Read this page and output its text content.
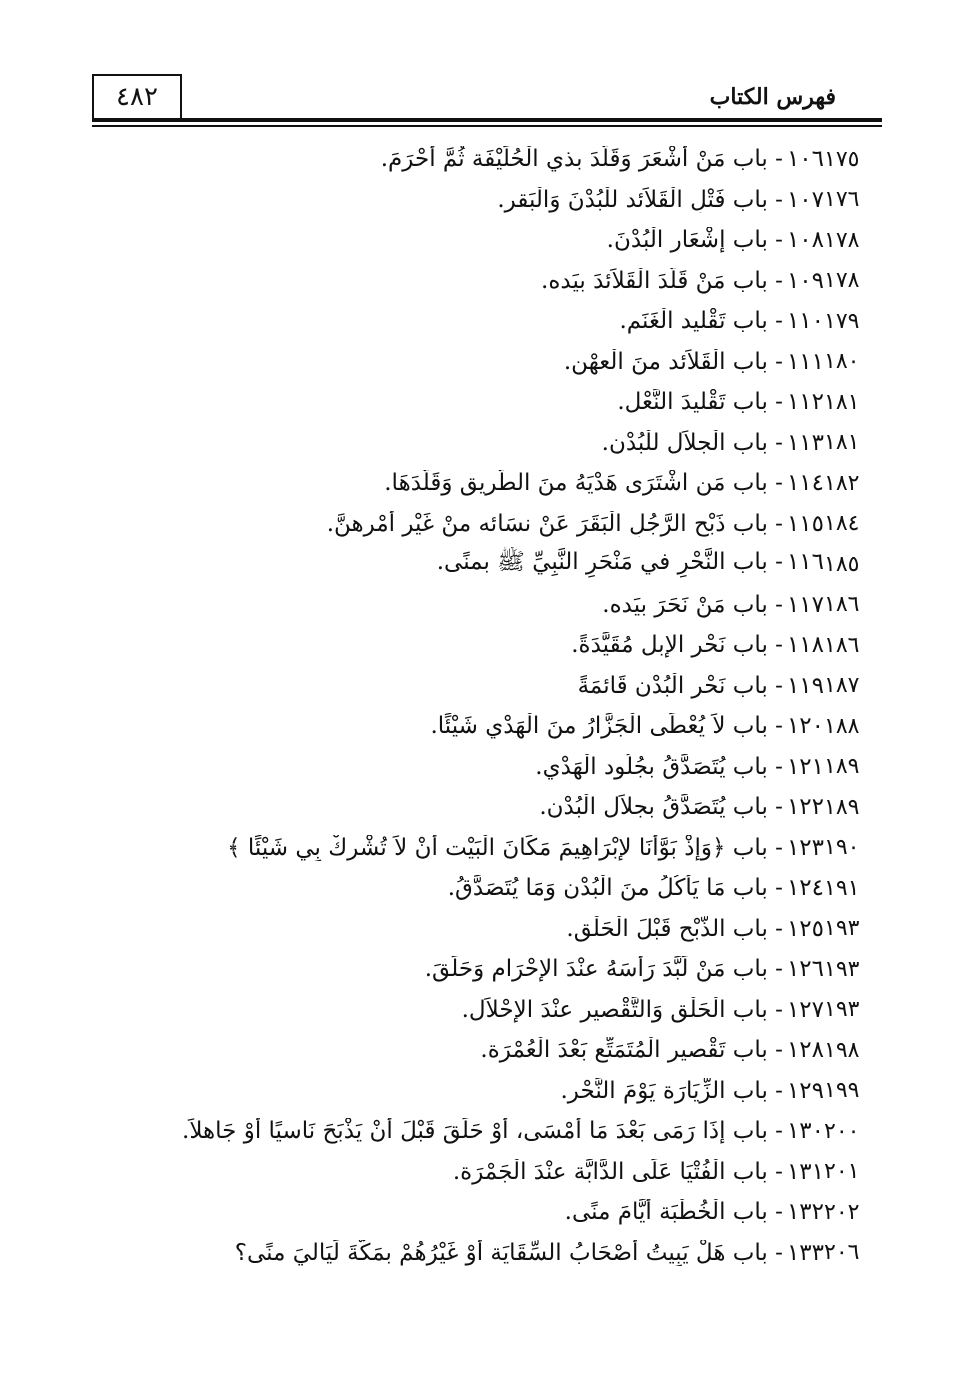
٤٨٢	فهرس الكتاب
١٠٦- باب مَنْ أَشْعَرَ وَقَلَّدَ بذي الْحُلَيْفَة ثُمَّ أَحْرَمَ.	١٧٥
١٠٧- باب فَتْلِ الْقَلاَئد للْبُدْنَ وَالْبَقر.	١٧٦
١٠٨- باب إشْعَار الْبُدْنَ.	١٧٨
١٠٩- باب مَنْ قَلَّدَ الْقَلاَئدَ بيَده.	١٧٨
١١٠- باب تَقْليد الْغَنَم.	١٧٩
١١١- باب الْقَلاَئد منَ الْعهْن.	١٨٠
١١٢- باب تَقْليدَ النَّعْل.	١٨١
١١٣- باب الْجلاَل للْبُدْن.	١٨١
١١٤- باب مَنِ اشْتَرَى هَدْيَهُ منَ الطَّريق وَقَلَّدَهَا.	١٨٢
١١٥- باب ذَبْح الرَّجُلِ الْبَقَرَ عَنْ نسَائه منْ غَيْر أَمْرِهنَّ.	١٨٤
١١٦- باب النَّحْرِ في مَنْحَرِ النَّبِيِّ ﷺ بمنًى.	١٨٥
١١٧- باب مَنْ نَحَرَ بيَده.	١٨٦
١١٨- باب نَحْرِ الإبل مُقَيَّدَةً.	١٨٦
١١٩- باب نَحْرِ الْبُدْن قَائمَةً	١٨٧
١٢٠- باب لاَ يُعْطَى الْجَزَّارُ منَ الْهَدْي شَيْئًا.	١٨٨
١٢١- باب يُتَصَدَّقُ بجُلُود الْهَدْي.	١٨٩
١٢٢- باب يُتَصَدَّقُ بجلاَل الْبُدْن.	١٨٩
١٢٣- باب ﴿وَإِذْ بَوَّأْنَا لإِبْرَاهِيمَ مَكَانَ الْبَيْت أَنْ لاَ تُشْرِكْ بِي شَيْئًا ﴾	١٩٠
١٢٤- باب مَا يَأْكُلُ منَ الْبُدْن وَمَا يُتَصَدَّقُ.	١٩١
١٢٥- باب الذَّبْح قَبْلَ الْحَلْق.	١٩٣
١٢٦- باب مَنْ لَبَّدَ رَأْسَهُ عنْدَ الإحْرَام وَحَلَقَ.	١٩٣
١٢٧- باب الْحَلْق وَالتَّقْصير عنْدَ الإحْلاَل.	١٩٣
١٢٨- باب تَقْصير الْمُتَمَتِّع بَعْدَ الْعُمْرَة.	١٩٨
١٢٩- باب الزِّيَارَة يَوْمَ النَّحْر.	١٩٩
١٣٠- باب إذَا رَمَى بَعْدَ مَا أَمْسَى، أَوْ حَلَقَ قَبْلَ أَنْ يَذْبَحَ نَاسيًا أَوْ جَاهلاً.	٢٠٠
١٣١- باب الْفُتْيَا عَلَى الدَّابَّة عنْدَ الْجَمْرَة.	٢٠١
١٣٢- باب الْخُطْبَة أَيَّامَ منًى.	٢٠٢
١٣٣- باب هَلْ يَبِيتُ أَصْحَابُ السِّقَايَة أَوْ غَيْرُهُمْ بمَكَّةَ لَيَاليَ منًى؟	٢٠٦
